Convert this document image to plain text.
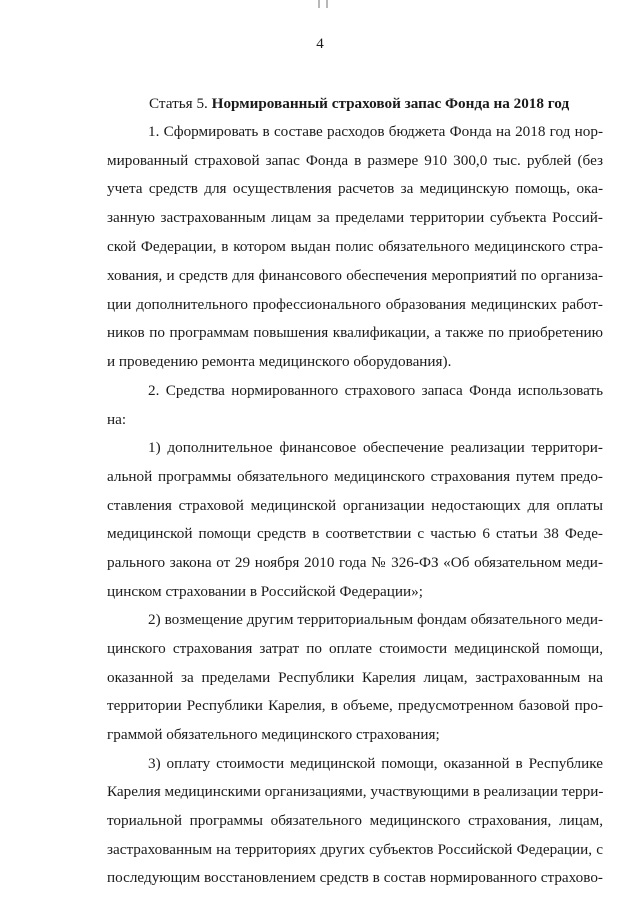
4
Статья 5. Нормированный страховой запас Фонда на 2018 год
1. Сформировать в составе расходов бюджета Фонда на 2018 год нор-
мированный страховой запас Фонда в размере 910 300,0 тыс. рублей (без
учета средств для осуществления расчетов за медицинскую помощь, ока-
занную застрахованным лицам за пределами территории субъекта Россий-
ской Федерации, в котором выдан полис обязательного медицинского стра-
хования, и средств для финансового обеспечения мероприятий по организа-
ции дополнительного профессионального образования медицинских работ-
ников по программам повышения квалификации, а также по приобретению
и проведению ремонта медицинского оборудования).
2. Средства нормированного страхового запаса Фонда использовать
на:
1) дополнительное финансовое обеспечение реализации территори-
альной программы обязательного медицинского страхования путем предо-
ставления страховой медицинской организации недостающих для оплаты
медицинской помощи средств в соответствии с частью 6 статьи 38 Феде-
рального закона от 29 ноября 2010 года № 326-ФЗ «Об обязательном меди-
цинском страховании в Российской Федерации»;
2) возмещение другим территориальным фондам обязательного меди-
цинского страхования затрат по оплате стоимости медицинской помощи,
оказанной за пределами Республики Карелия лицам, застрахованным на
территории Республики Карелия, в объеме, предусмотренном базовой про-
граммой обязательного медицинского страхования;
3) оплату стоимости медицинской помощи, оказанной в Республике
Карелия медицинскими организациями, участвующими в реализации терри-
ториальной программы обязательного медицинского страхования, лицам,
застрахованным на территориях других субъектов Российской Федерации, с
последующим восстановлением средств в состав нормированного страхово-
